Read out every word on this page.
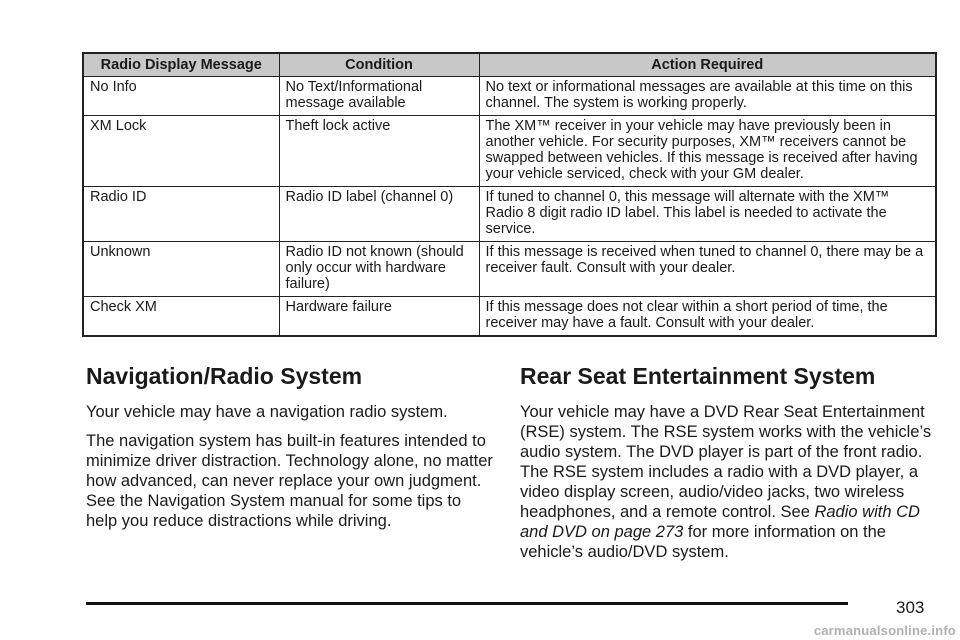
Radio Display Message	Condition	Action Required
No Info	No Text/Informational message available	No text or informational messages are available at this time on this channel. The system is working properly.
XM Lock	Theft lock active	The XM™ receiver in your vehicle may have previously been in another vehicle. For security purposes, XM™ receivers cannot be swapped between vehicles. If this message is received after having your vehicle serviced, check with your GM dealer.
Radio ID	Radio ID label (channel 0)	If tuned to channel 0, this message will alternate with the XM™ Radio 8 digit radio ID label. This label is needed to activate the service.
Unknown	Radio ID not known (should only occur with hardware failure)	If this message is received when tuned to channel 0, there may be a receiver fault. Consult with your dealer.
Check XM	Hardware failure	If this message does not clear within a short period of time, the receiver may have a fault. Consult with your dealer.
Navigation/Radio System

Your vehicle may have a navigation radio system.

The navigation system has built-in features intended to minimize driver distraction. Technology alone, no matter how advanced, can never replace your own judgment. See the Navigation System manual for some tips to help you reduce distractions while driving.

Rear Seat Entertainment System

Your vehicle may have a DVD Rear Seat Entertainment (RSE) system. The RSE system works with the vehicle’s audio system. The DVD player is part of the front radio. The RSE system includes a radio with a DVD player, a video display screen, audio/video jacks, two wireless headphones, and a remote control. See Radio with CD and DVD on page 273 for more information on the vehicle’s audio/DVD system.

303
carmanualsonline.info
